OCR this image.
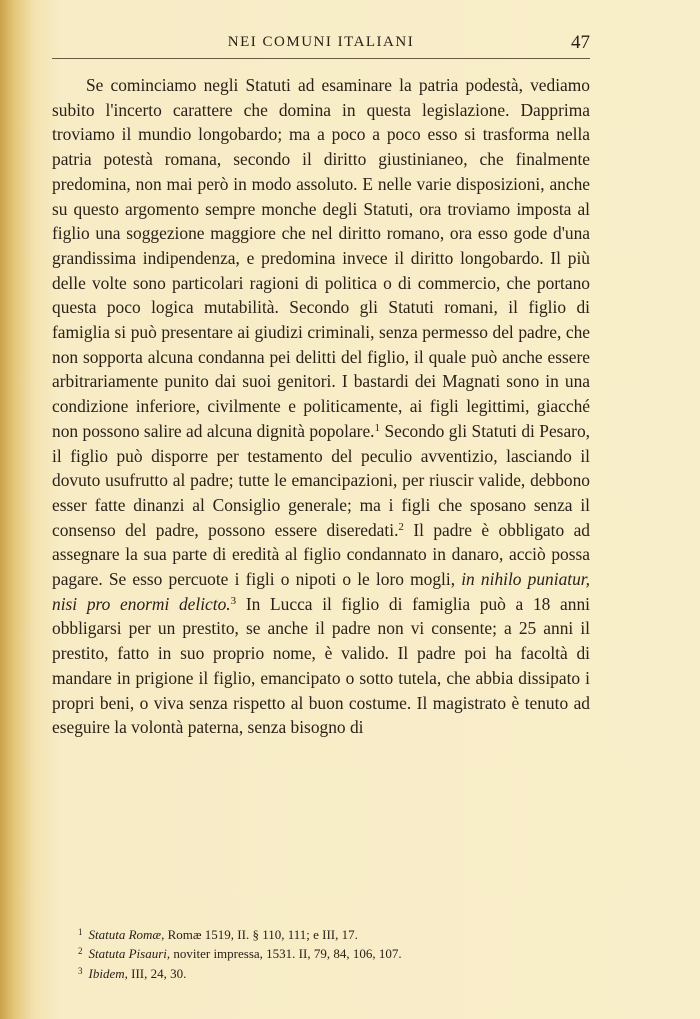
NEI COMUNI ITALIANI	47

Se cominciamo negli Statuti ad esaminare la patria podestà, vediamo subito l'incerto carattere che domina in questa legislazione. Dapprima troviamo il mundio longobardo; ma a poco a poco esso si trasforma nella patria potestà romana, secondo il diritto giustinianeo, che finalmente predomina, non mai però in modo assoluto. E nelle varie disposizioni, anche su questo argomento sempre monche degli Statuti, ora troviamo imposta al figlio una soggezione maggiore che nel diritto romano, ora esso gode d'una grandissima indipendenza, e predomina invece il diritto longobardo. Il più delle volte sono particolari ragioni di politica o di commercio, che portano questa poco logica mutabilità. Secondo gli Statuti romani, il figlio di famiglia si può presentare ai giudizi criminali, senza permesso del padre, che non sopporta alcuna condanna pei delitti del figlio, il quale può anche essere arbitrariamente punito dai suoi genitori. I bastardi dei Magnati sono in una condizione inferiore, civilmente e politicamente, ai figli legittimi, giacché non possono salire ad alcuna dignità popolare.$^1$ Secondo gli Statuti di Pesaro, il figlio può disporre per testamento del peculio avventizio, lasciando il dovuto usufrutto al padre; tutte le emancipazioni, per riuscir valide, debbono esser fatte dinanzi al Consiglio generale; ma i figli che sposano senza il consenso del padre, possono essere diseredati.$^2$ Il padre è obbligato ad assegnare la sua parte di eredità al figlio condannato in danaro, acciò possa pagare. Se esso percuote i figli o nipoti o le loro mogli, in nihilo puniatur, nisi pro enormi delicto.$^3$ In Lucca il figlio di famiglia può a 18 anni obbligarsi per un prestito, se anche il padre non vi consente; a 25 anni il prestito, fatto in suo proprio nome, è valido. Il padre poi ha facoltà di mandare in prigione il figlio, emancipato o sotto tutela, che abbia dissipato i propri beni, o viva senza rispetto al buon costume. Il magistrato è tenuto ad eseguire la volontà paterna, senza bisogno di

$^1$ Statuta Romæ, Romæ 1519, II. § 110, 111; e III, 17.

$^2$ Statuta Pisauri, noviter impressa, 1531. II, 79, 84, 106, 107.

$^3$ Ibidem, III, 24, 30.
